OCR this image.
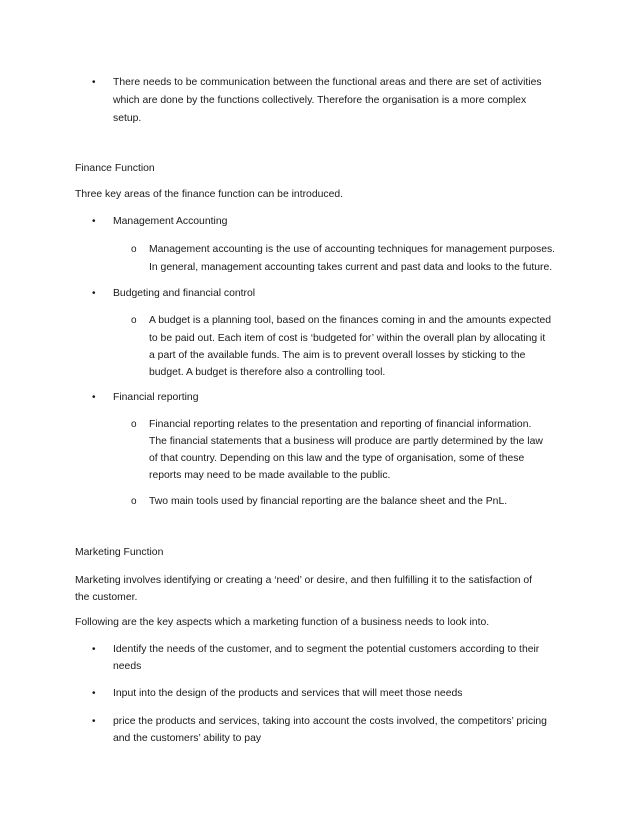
• There needs to be communication between the functional areas and there are set of activities
which are done by the functions collectively. Therefore the organisation is a more complex
setup.
Finance Function
Three key areas of the finance function can be introduced.
• Management Accounting
o Management accounting is the use of accounting techniques for management purposes.
In general, management accounting takes current and past data and looks to the future.
• Budgeting and financial control
o A budget is a planning tool, based on the finances coming in and the amounts expected
to be paid out. Each item of cost is ‘budgeted for’ within the overall plan by allocating it
a part of the available funds. The aim is to prevent overall losses by sticking to the
budget. A budget is therefore also a controlling tool.
• Financial reporting
o Financial reporting relates to the presentation and reporting of financial information.
The financial statements that a business will produce are partly determined by the law
of that country. Depending on this law and the type of organisation, some of these
reports may need to be made available to the public.
o Two main tools used by financial reporting are the balance sheet and the PnL.
Marketing Function
Marketing involves identifying or creating a ‘need’ or desire, and then fulfilling it to the satisfaction of
the customer.
Following are the key aspects which a marketing function of a business needs to look into.
• Identify the needs of the customer, and to segment the potential customers according to their
needs
• Input into the design of the products and services that will meet those needs
• price the products and services, taking into account the costs involved, the competitors’ pricing
and the customers’ ability to pay
